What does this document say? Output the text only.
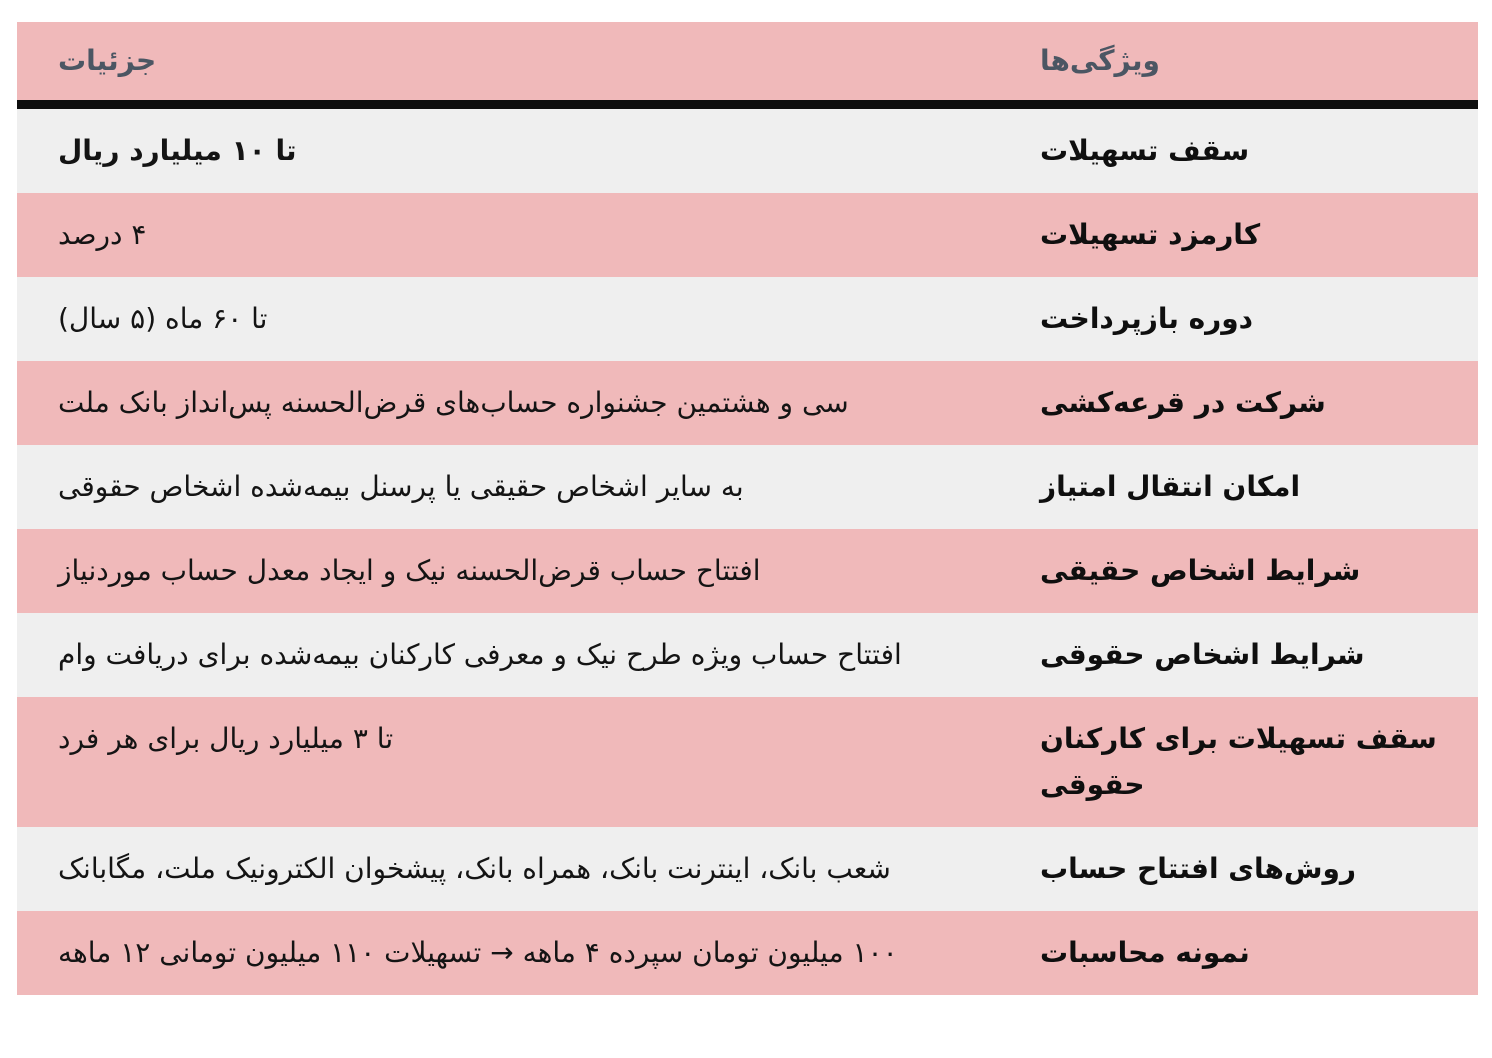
جزئیات	ویژگی‌ها
تا ۱۰ میلیارد ریال	سقف تسهیلات
۴ درصد	کارمزد تسهیلات
تا ۶۰ ماه (۵ سال)	دوره بازپرداخت
سی و هشتمین جشنواره حساب‌های قرض‌الحسنه پس‌انداز بانک ملت	شرکت در قرعه‌کشی
به سایر اشخاص حقیقی یا پرسنل بیمه‌شده اشخاص حقوقی	امکان انتقال امتیاز
افتتاح حساب قرض‌الحسنه نیک و ایجاد معدل حساب موردنیاز	شرایط اشخاص حقیقی
افتتاح حساب ویژه طرح نیک و معرفی کارکنان بیمه‌شده برای دریافت وام	شرایط اشخاص حقوقی
تا ۳ میلیارد ریال برای هر فرد	سقف تسهیلات برای کارکنان حقوقی
شعب بانک، اینترنت بانک، همراه بانک، پیشخوان الکترونیک ملت، مگابانک	روش‌های افتتاح حساب
۱۰۰ میلیون تومان سپرده ۴ ماهه → تسهیلات ۱۱۰ میلیون تومانی ۱۲ ماهه	نمونه محاسبات
